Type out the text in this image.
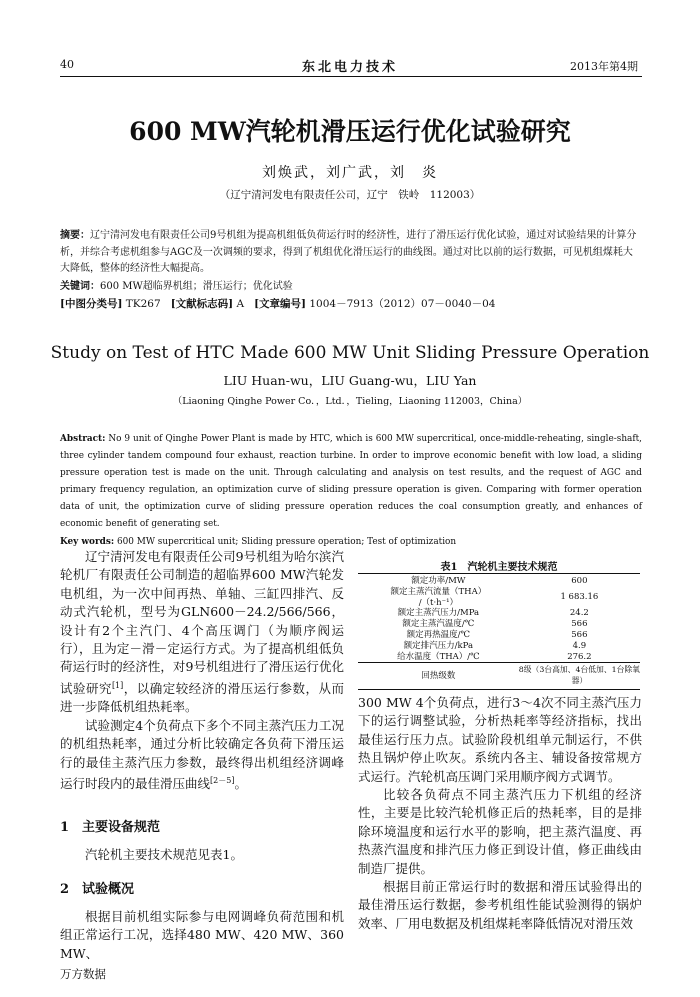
40	东北电力技术	2013年第4期
600 MW汽轮机滑压运行优化试验研究
刘焕武，刘广武，刘　炎
（辽宁清河发电有限责任公司，辽宁　铁岭　112003）
摘要：辽宁清河发电有限责任公司9号机组为提高机组低负荷运行时的经济性，进行了滑压运行优化试验，通过对试验结果的计算分析，并综合考虑机组参与AGC及一次调频的要求，得到了机组优化滑压运行的曲线图。通过对比以前的运行数据，可见机组煤耗大大降低，整体的经济性大幅提高。
关键词：600 MW超临界机组；滑压运行；优化试验
[中图分类号] TK267 [文献标志码] A [文章编号] 1004－7913（2012）07－0040－04
Study on Test of HTC Made 600 MW Unit Sliding Pressure Operation
LIU Huan-wu，LIU Guang-wu，LIU Yan
（Liaoning Qinghe Power Co．，Ltd．，Tieling，Liaoning 112003，China）
Abstract: No 9 unit of Qinghe Power Plant is made by HTC, which is 600 MW supercritical, once-middle-reheating, single-shaft, three cylinder tandem compound four exhaust, reaction turbine. In order to improve economic benefit with low load, a sliding pressure operation test is made on the unit. Through calculating and analysis on test results, and the request of AGC and primary frequency regulation, an optimization curve of sliding pressure operation is given. Comparing with former operation data of unit, the optimization curve of sliding pressure operation reduces the coal consumption greatly, and enhances of economic benefit of generating set.
Key words: 600 MW supercritical unit; Sliding pressure operation; Test of optimization

辽宁清河发电有限责任公司9号机组为哈尔滨汽轮机厂有限责任公司制造的超临界600 MW汽轮发电机组，为一次中间再热、单轴、三缸四排汽、反动式汽轮机，型号为GLN600－24.2/566/566，设计有2个主汽门、4个高压调门（为顺序阀运行），且为定－滑－定运行方式。为了提高机组低负荷运行时的经济性，对9号机组进行了滑压运行优化试验研究[1]，以确定较经济的滑压运行参数，从而进一步降低机组热耗率。

试验测定4个负荷点下多个不同主蒸汽压力工况的机组热耗率，通过分析比较确定各负荷下滑压运行的最佳主蒸汽压力参数，最终得出机组经济调峰运行时段内的最佳滑压曲线[2－5]。

1　主要设备规范

汽轮机主要技术规范见表1。

2　试验概况

根据目前机组实际参与电网调峰负荷范围和机组正常运行工况，选择480 MW、420 MW、360 MW、

表1　汽轮机主要技术规范
额定功率/MW	600
额定主蒸汽流量（THA）
/（t·h⁻¹）	1 683.16
额定主蒸汽压力/MPa	24.2
额定主蒸汽温度/℃	566
额定再热温度/℃	566
额定排汽压力/kPa	4.9
给水温度（THA）/℃	276.2
回热级数	8级（3台高加、4台低加、1台除氧器）

300 MW 4个负荷点，进行3～4次不同主蒸汽压力下的运行调整试验，分析热耗率等经济指标，找出最佳运行压力点。试验阶段机组单元制运行，不供热且锅炉停止吹灰。系统内各主、辅设备按常规方式运行。汽轮机高压调门采用顺序阀方式调节。

比较各负荷点不同主蒸汽压力下机组的经济性，主要是比较汽轮机修正后的热耗率，目的是排除环境温度和运行水平的影响，把主蒸汽温度、再热蒸汽温度和排汽压力修正到设计值，修正曲线由制造厂提供。

根据目前正常运行时的数据和滑压试验得出的最佳滑压运行数据，参考机组性能试验测得的锅炉效率、厂用电数据及机组煤耗率降低情况对滑压效

万方数据
